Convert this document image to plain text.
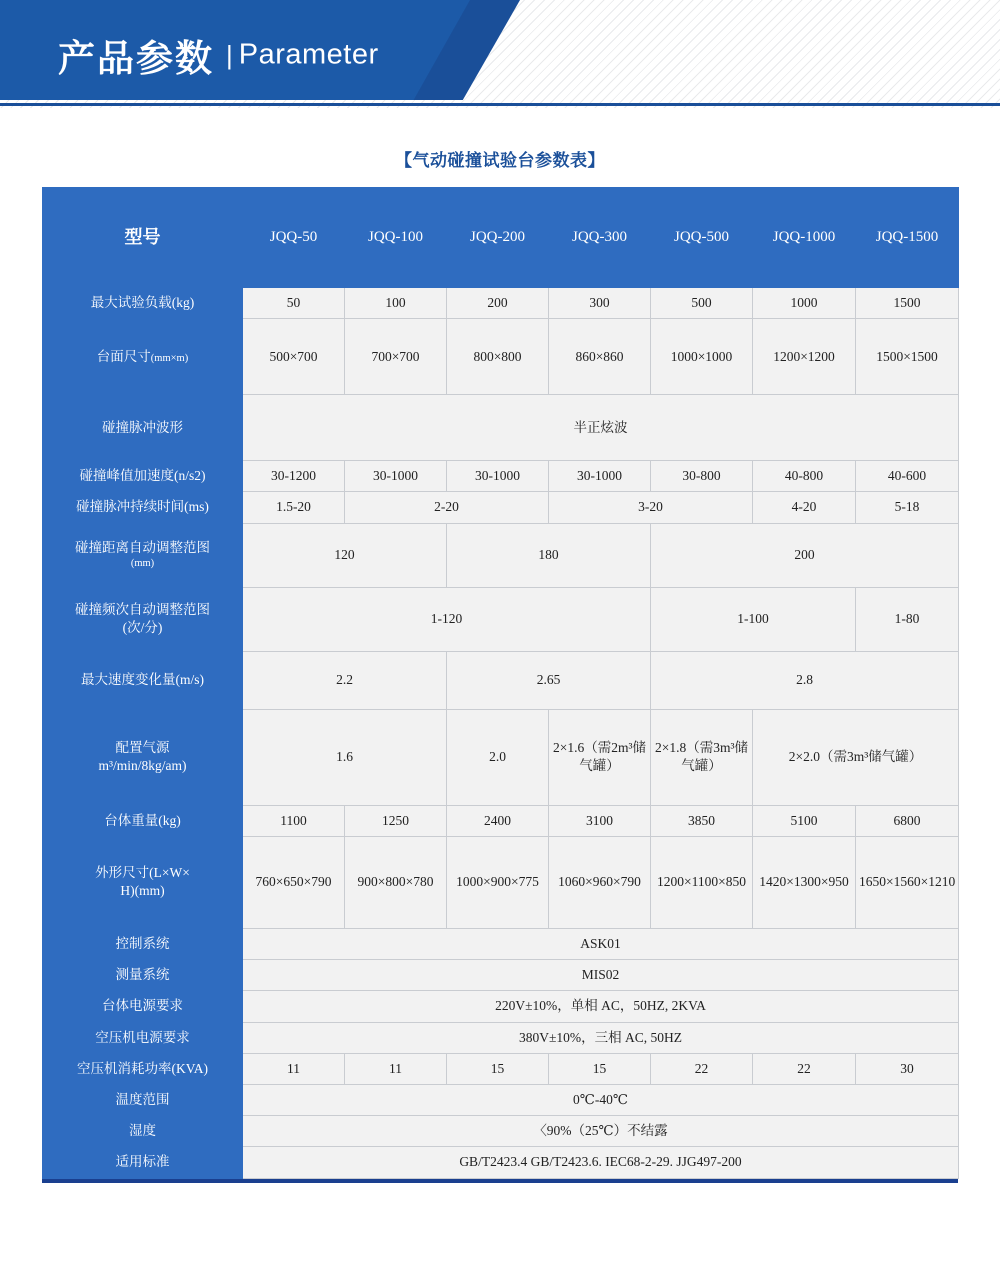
产品参数 | Parameter
【气动碰撞试验台参数表】
型号	JQQ-50	JQQ-100	JQQ-200	JQQ-300	JQQ-500	JQQ-1000	JQQ-1500
最大试验负载(kg)	50	100	200	300	500	1000	1500
台面尺寸(mm×m)	500×700	700×700	800×800	860×860	1000×1000	1200×1200	1500×1500
碰撞脉冲波形	半正炫波						
碰撞峰值加速度(n/s2)	30-1200	30-1000	30-1000	30-1000	30-800	40-800	40-600
碰撞脉冲持续时间(ms)	1.5-20	2-20		3-20		4-20	5-18

碰撞距离自动调整范图
(mm)	120		180		200		

碰撞频次自动调整范图
(次/分)	1-120				1-100		1-80
最大速度变化量(m/s)	2.2		2.65		2.8		

配置气源
m³/min/8kg/am)	1.6		2.0	2×1.6（需2m³储气罐）	2×1.8（需3m³储气罐）	2×2.0（需3m³储气罐）	
台体重量(kg)	1100	1250	2400	3100	3850	5100	6800

外形尺寸(L×W×
H)(mm)	760×650×790	900×800×780	1000×900×775	1060×960×790	1200×1100×850	1420×1300×950	1650×1560×1210
控制系统	ASK01						
测量系统	MIS02						
台体电源要求	220V±10%，单相 AC，50HZ, 2KVA						
空压机电源要求	380V±10%，三相 AC, 50HZ						
空压机消耗功率(KVA)	11	11	15	15	22	22	30
温度范围	0℃-40℃						
湿度	〈90%（25℃）不结露						
适用标准	GB/T2423.4 GB/T2423.6. IEC68-2-29. JJG497-200						
